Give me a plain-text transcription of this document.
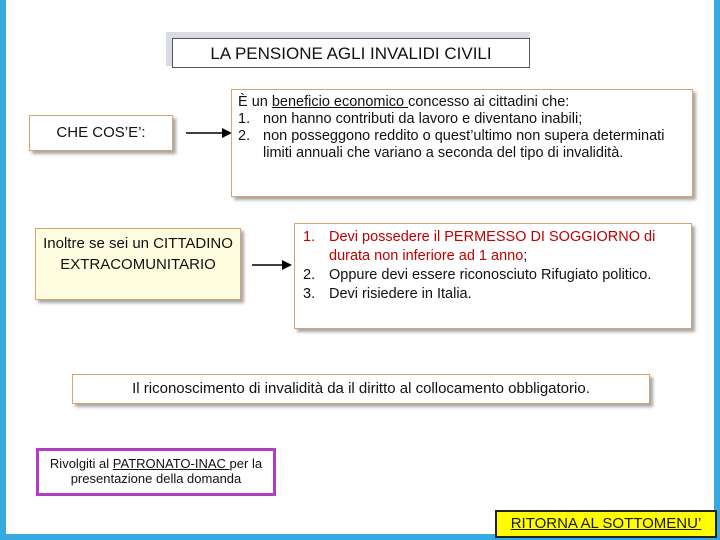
LA PENSIONE AGLI INVALIDI CIVILI
CHE COS’E’:
È un beneficio economico concesso ai cittadini che:
1. non hanno contributi da lavoro e diventano inabili;
2. non posseggono reddito o quest’ultimo non supera determinati limiti annuali che variano a seconda del tipo di invalidità.
Inoltre se sei un CITTADINO EXTRACOMUNITARIO
1. Devi possedere il PERMESSO DI SOGGIORNO di durata non inferiore ad 1 anno;
2. Oppure devi essere riconosciuto Rifugiato politico.
3. Devi risiedere in Italia.
Il riconoscimento di invalidità da il diritto al collocamento obbligatorio.
Rivolgiti al PATRONATO-INAC per la presentazione della domanda
RITORNA AL SOTTOMENU’
